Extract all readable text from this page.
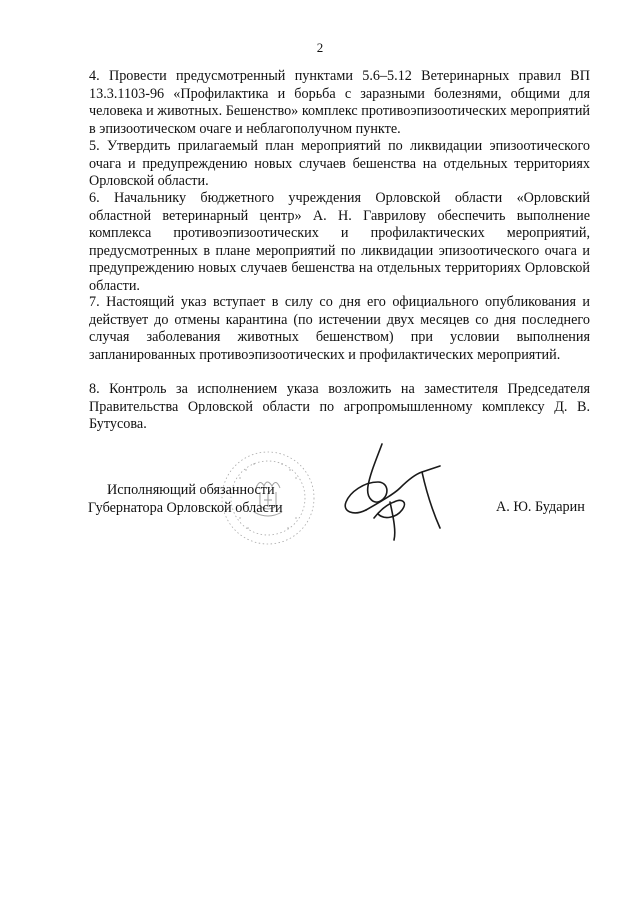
2

4. Провести предусмотренный пунктами 5.6–5.12 Ветеринарных правил ВП 13.3.1103-96 «Профилактика и борьба с заразными болезнями, общими для человека и животных. Бешенство» комплекс противоэпизоотических мероприятий в эпизоотическом очаге и неблагополучном пункте.

5. Утвердить прилагаемый план мероприятий по ликвидации эпизоотического очага и предупреждению новых случаев бешенства на отдельных территориях Орловской области.

6. Начальнику бюджетного учреждения Орловской области «Орловский областной ветеринарный центр» А. Н. Гаврилову обеспечить выполнение комплекса противоэпизоотических и профилактических мероприятий, предусмотренных в плане мероприятий по ликвидации эпизоотического очага и предупреждению новых случаев бешенства на отдельных территориях Орловской области.

7. Настоящий указ вступает в силу со дня его официального опубликования и действует до отмены карантина (по истечении двух месяцев со дня последнего случая заболевания животных бешенством) при условии выполнения запланированных противоэпизоотических и профилактических мероприятий.

8. Контроль за исполнением указа возложить на заместителя Председателя Правительства Орловской области по агропромышленному комплексу Д. В. Бутусова.

Исполняющий обязанности
Губернатора Орловской области	А. Ю. Бударин
